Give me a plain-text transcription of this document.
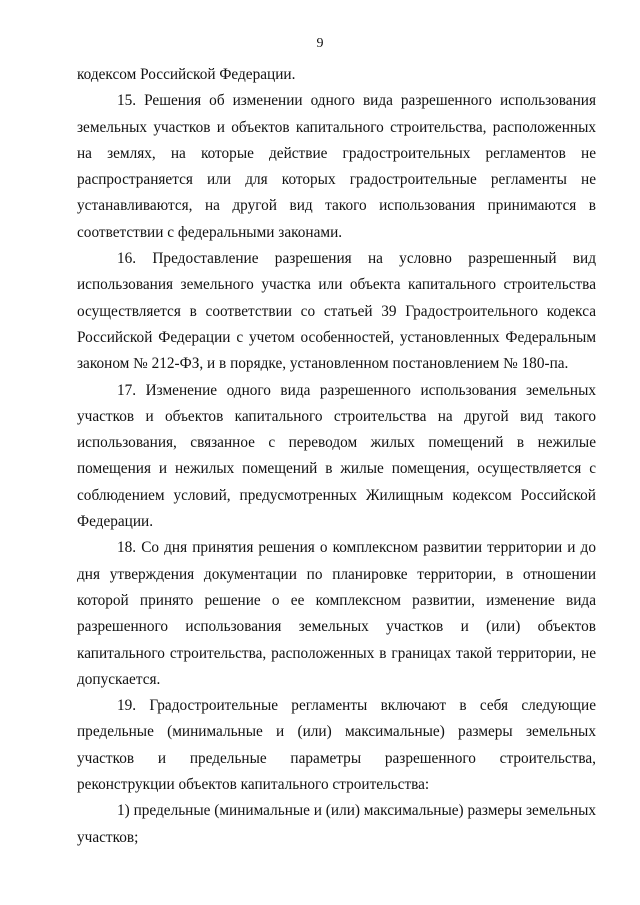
9

кодексом Российской Федерации.

15. Решения об изменении одного вида разрешенного использования земельных участков и объектов капитального строительства, расположенных на землях, на которые действие градостроительных регламентов не распространяется или для которых градостроительные регламенты не устанавливаются, на другой вид такого использования принимаются в соответствии с федеральными законами.

16. Предоставление разрешения на условно разрешенный вид использования земельного участка или объекта капитального строительства осуществляется в соответствии со статьей 39 Градостроительного кодекса Российской Федерации с учетом особенностей, установленных Федеральным законом № 212-ФЗ, и в порядке, установленном постановлением № 180-па.

17. Изменение одного вида разрешенного использования земельных участков и объектов капитального строительства на другой вид такого использования, связанное с переводом жилых помещений в нежилые помещения и нежилых помещений в жилые помещения, осуществляется с соблюдением условий, предусмотренных Жилищным кодексом Российской Федерации.

18. Со дня принятия решения о комплексном развитии территории и до дня утверждения документации по планировке территории, в отношении которой принято решение о ее комплексном развитии, изменение вида разрешенного использования земельных участков и (или) объектов капитального строительства, расположенных в границах такой территории, не допускается.

19. Градостроительные регламенты включают в себя следующие предельные (минимальные и (или) максимальные) размеры земельных участков и предельные параметры разрешенного строительства, реконструкции объектов капитального строительства:

1) предельные (минимальные и (или) максимальные) размеры земельных участков;
